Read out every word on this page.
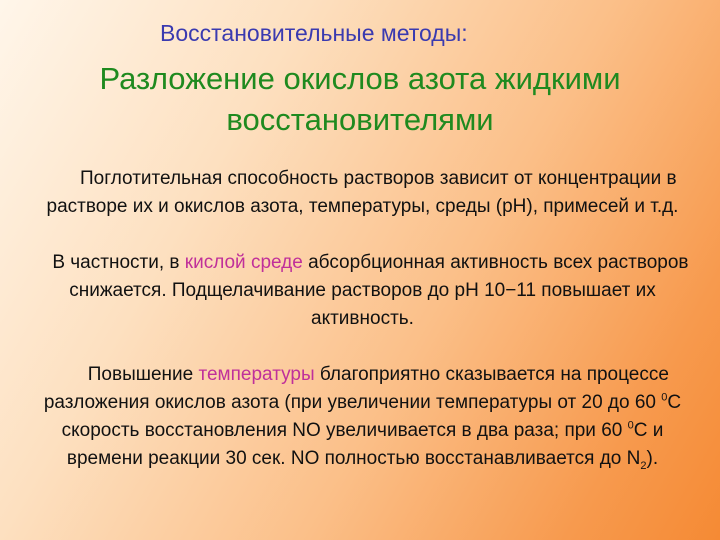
Восстановительные методы:
Разложение окислов азота жидкими восстановителями

Поглотительная способность растворов зависит от концентрации в растворе их и окислов азота, температуры, среды (pH), примесей и т.д.

В частности, в кислой среде абсорбционная активность всех растворов снижается. Подщелачивание растворов до pH 10−11 повышает их активность.

Повышение температуры благоприятно сказывается на процессе разложения окислов азота (при увеличении температуры от 20 до 60 $^0$С скорость восстановления NO увеличивается в два раза; при 60 $^0$С и времени реакции 30 сек. NO полностью восстанавливается до $N_2$).
